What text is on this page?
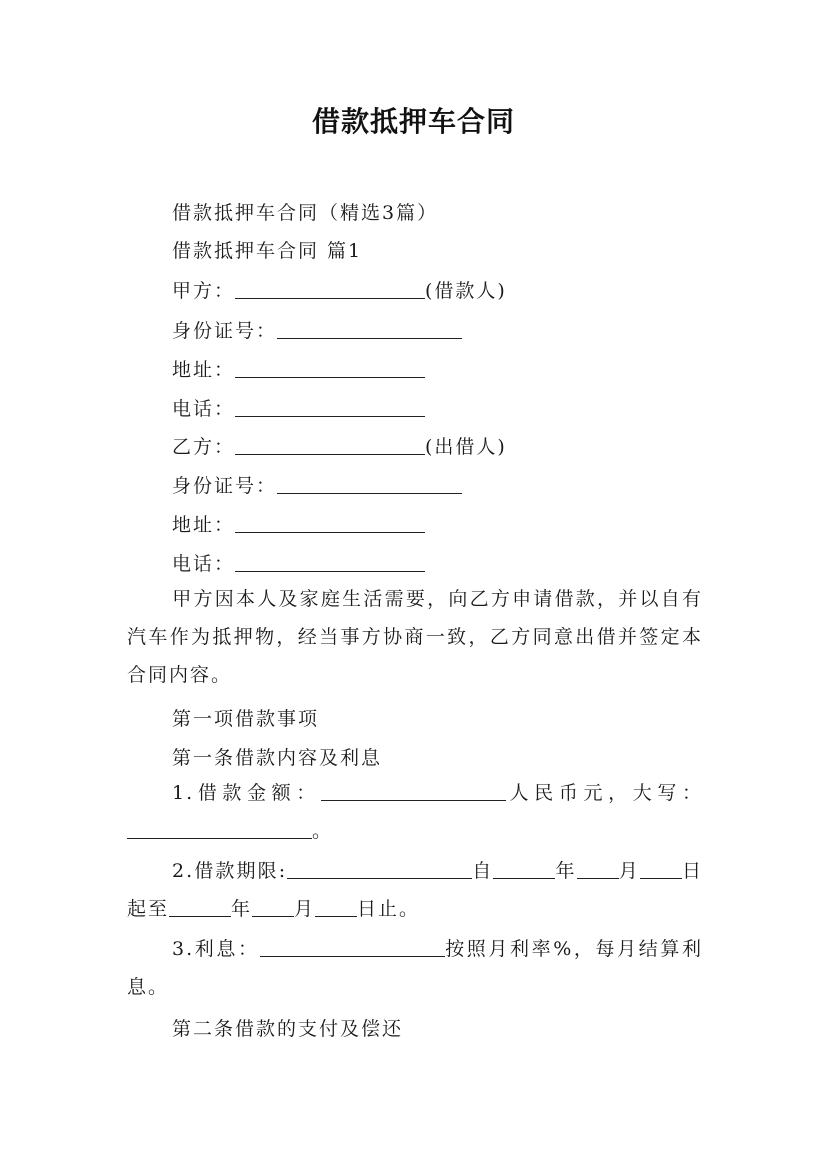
借款抵押车合同
借款抵押车合同（精选3篇）
借款抵押车合同 篇1
甲方：	(借款人)
身份证号：
地址：
电话：
乙方：	(出借人)
身份证号：
地址：
电话：
甲方因本人及家庭生活需要，向乙方申请借款，并以自有汽车作为抵押物，经当事方协商一致，乙方同意出借并签定本合同内容。
第一项借款事项
第一条借款内容及利息
1.借款金额：	人民币元，大写：。
2.借款期限:	自	年 月 日起至	年 月 日止。
3.利息：	按照月利率%，每月结算利息。
第二条借款的支付及偿还
